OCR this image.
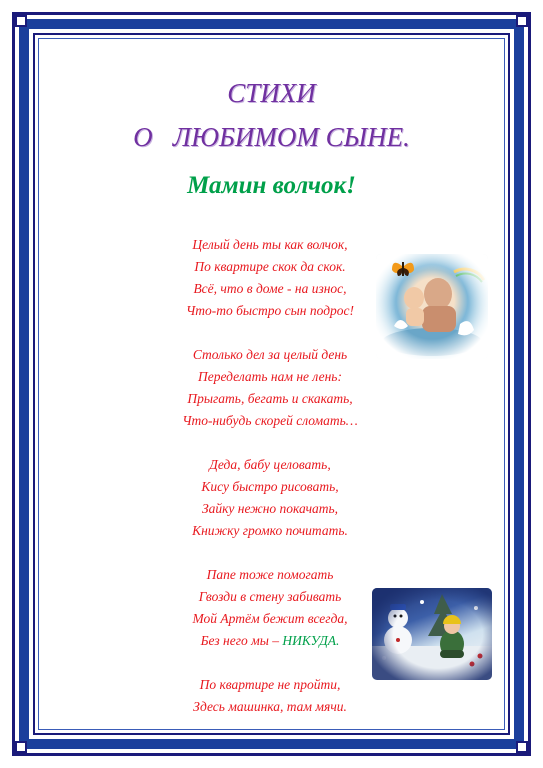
СТИХИ
О   ЛЮБИМОМ СЫНЕ.
Мамин волчок!
Целый день ты как волчок,
По квартире скок да скок.
Всё, что в доме - на износ,
Что-то быстро сын подрос!
Столько дел за целый день
Переделать нам не лень:
Прыгать, бегать и скакать,
Что-нибудь скорей сломать…
Деда, бабу целовать,
Кису быстро рисовать,
Зайку нежно покачать,
Книжку громко почитать.
Папе тоже помогать
Гвозди в стену забивать
Мой Артём бежит всегда,
Без него мы – НИКУДА.
По квартире не пройти,
Здесь машинка, там мячи.
